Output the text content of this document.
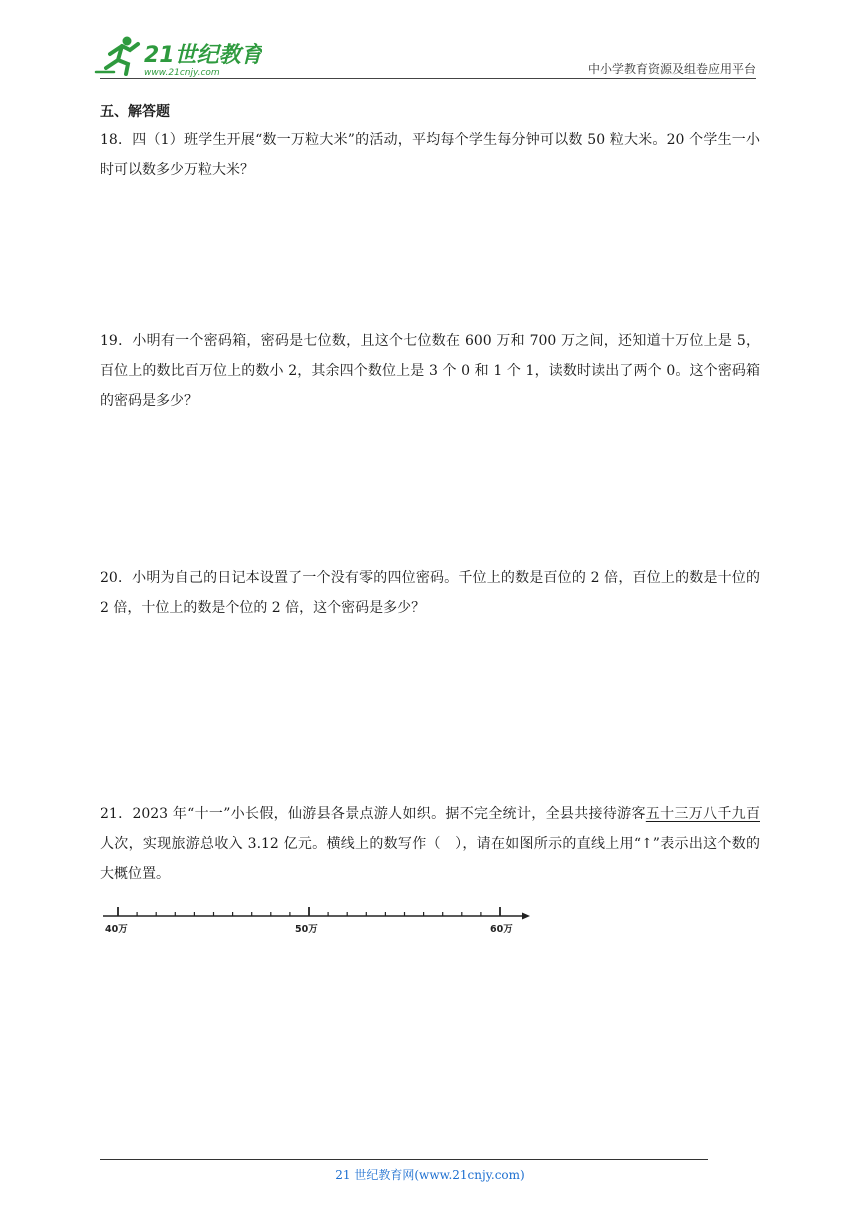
21世纪教育
www.21cnjy.com	中小学教育资源及组卷应用平台
五、解答题
18．四（1）班学生开展“数一万粒大米”的活动，平均每个学生每分钟可以数 50 粒大米。20 个学生一小时可以数多少万粒大米？
19．小明有一个密码箱，密码是七位数，且这个七位数在 600 万和 700 万之间，还知道十万位上是 5，百位上的数比百万位上的数小 2，其余四个数位上是 3 个 0 和 1 个 1，读数时读出了两个 0。这个密码箱的密码是多少？
20．小明为自己的日记本设置了一个没有零的四位密码。千位上的数是百位的 2 倍，百位上的数是十位的 2 倍，十位上的数是个位的 2 倍，这个密码是多少？
21．2023 年“十一”小长假，仙游县各景点游人如织。据不完全统计，全县共接待游客五十三万八千九百人次，实现旅游总收入 3.12 亿元。横线上的数写作（　），请在如图所示的直线上用“↑”表示出这个数的大概位置。
40万	50万	60万
21 世纪教育网(www.21cnjy.com)
